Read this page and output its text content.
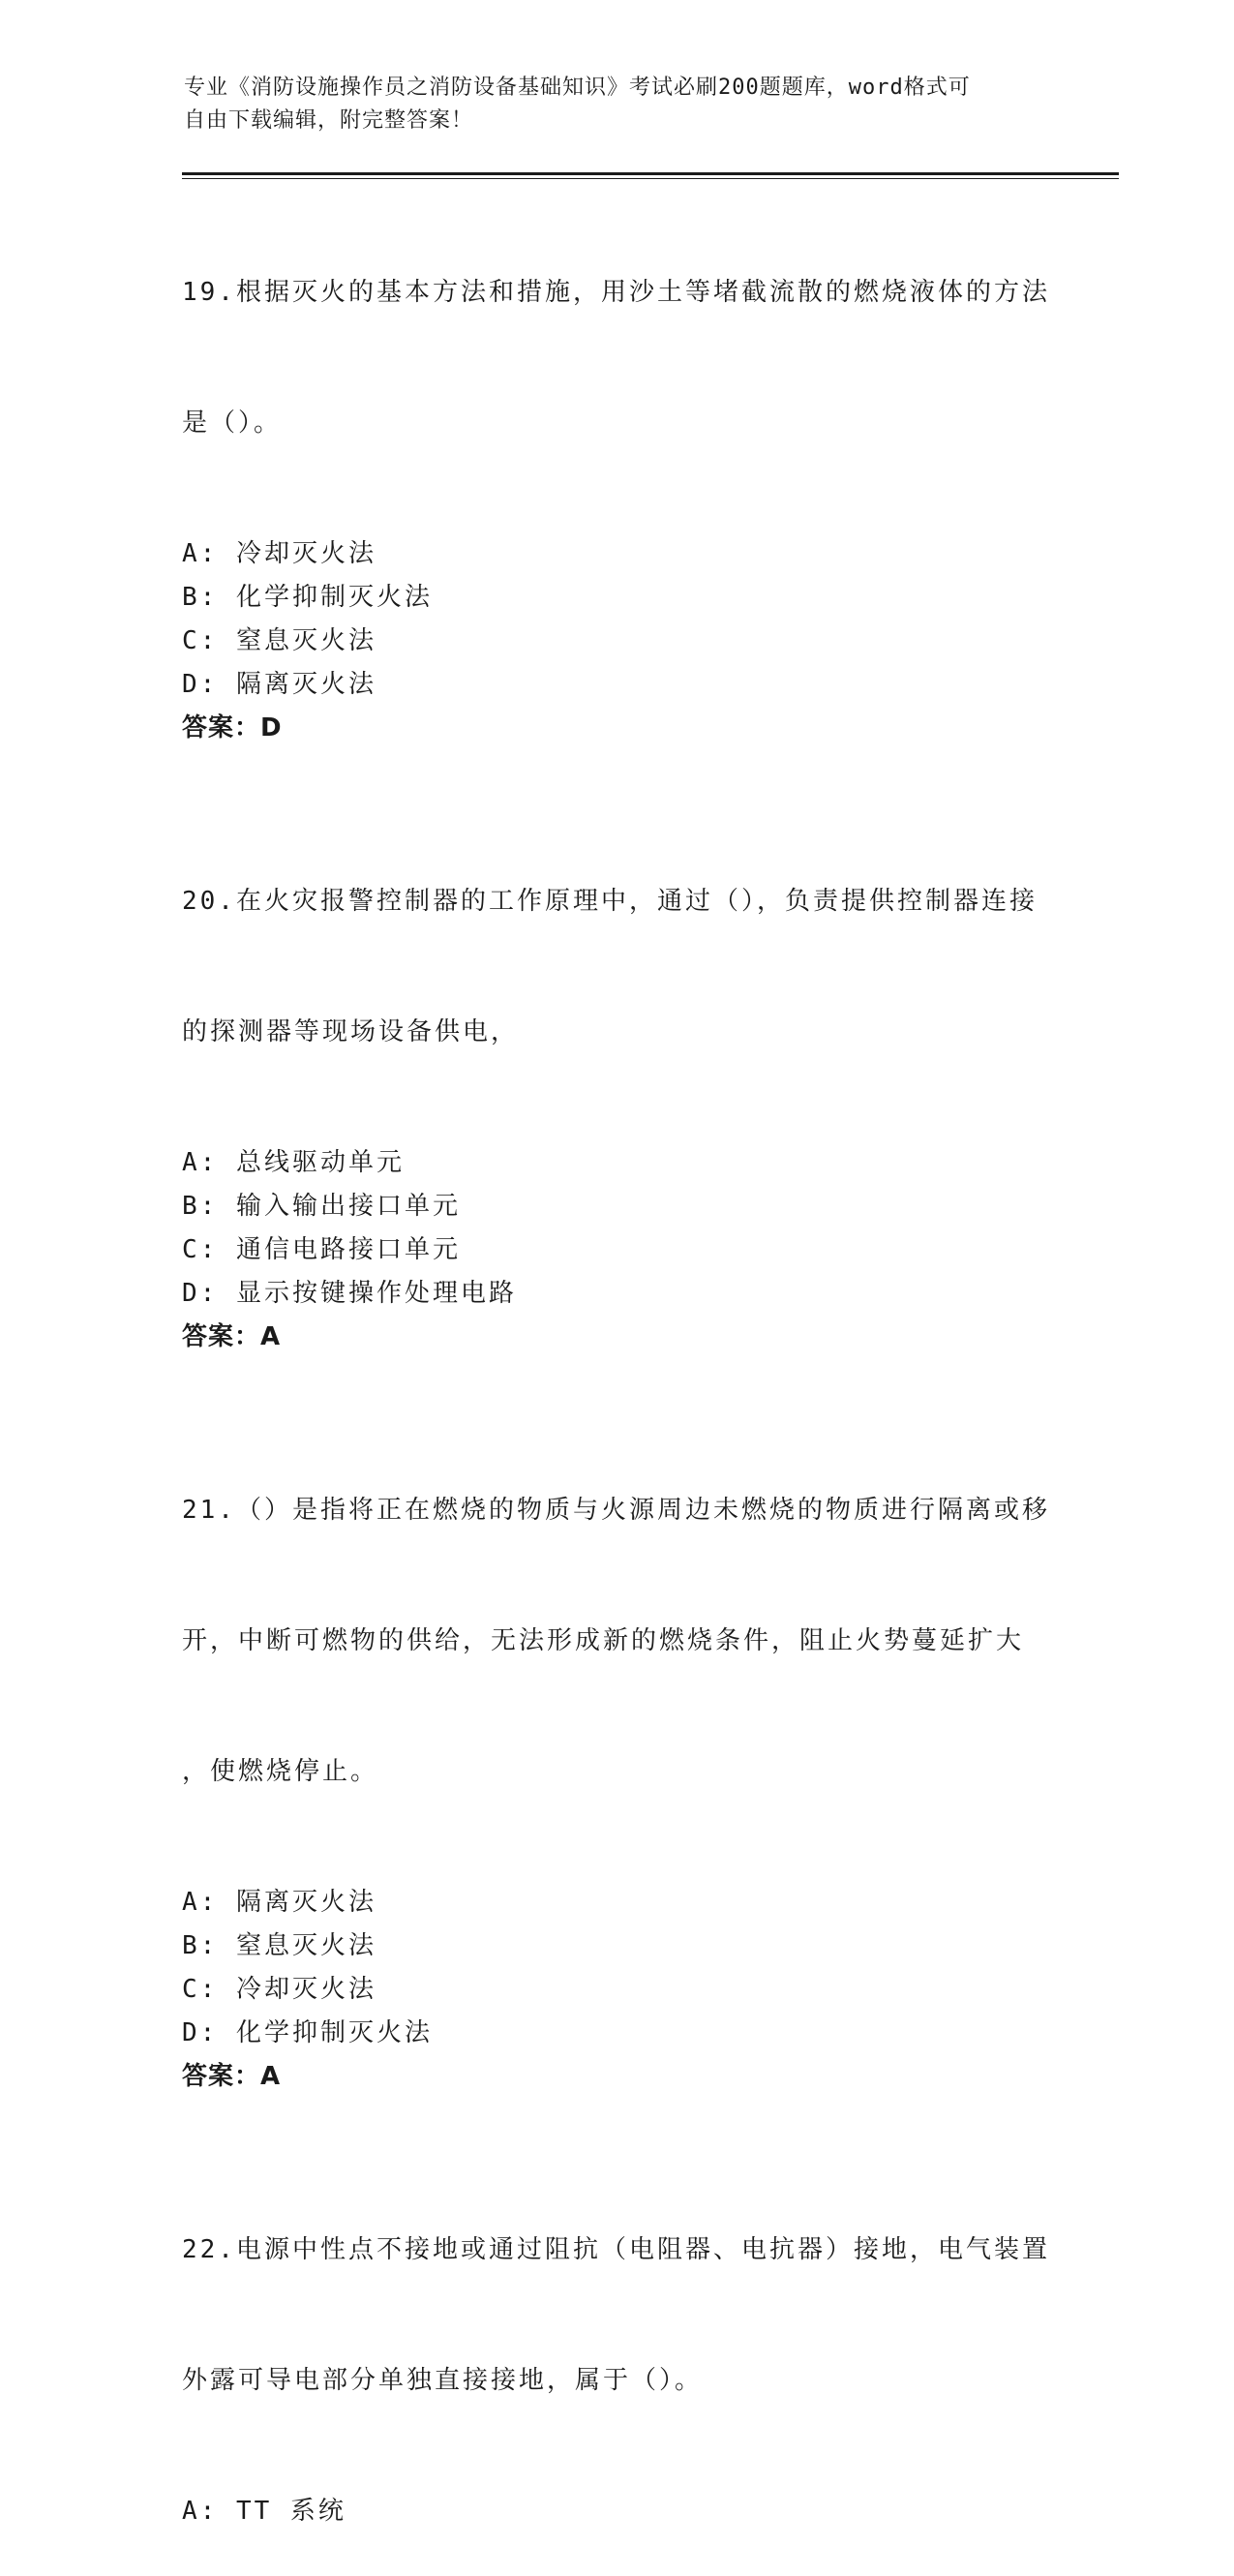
专业《消防设施操作员之消防设备基础知识》考试必刷200题题库，word格式可
自由下载编辑，附完整答案！

19.根据灭火的基本方法和措施，用沙土等堵截流散的燃烧液体的方法

是（）。

A: 冷却灭火法
B: 化学抑制灭火法
C: 窒息灭火法
D: 隔离灭火法
答案：D

20.在火灾报警控制器的工作原理中，通过（），负责提供控制器连接

的探测器等现场设备供电，

A: 总线驱动单元
B: 输入输出接口单元
C: 通信电路接口单元
D: 显示按键操作处理电路
答案：A

21.（）是指将正在燃烧的物质与火源周边未燃烧的物质进行隔离或移

开，中断可燃物的供给，无法形成新的燃烧条件，阻止火势蔓延扩大

，使燃烧停止。

A: 隔离灭火法
B: 窒息灭火法
C: 冷却灭火法
D: 化学抑制灭火法
答案：A

22.电源中性点不接地或通过阻抗（电阻器、电抗器）接地，电气装置

外露可导电部分单独直接接地，属于（）。

A: TT 系统
